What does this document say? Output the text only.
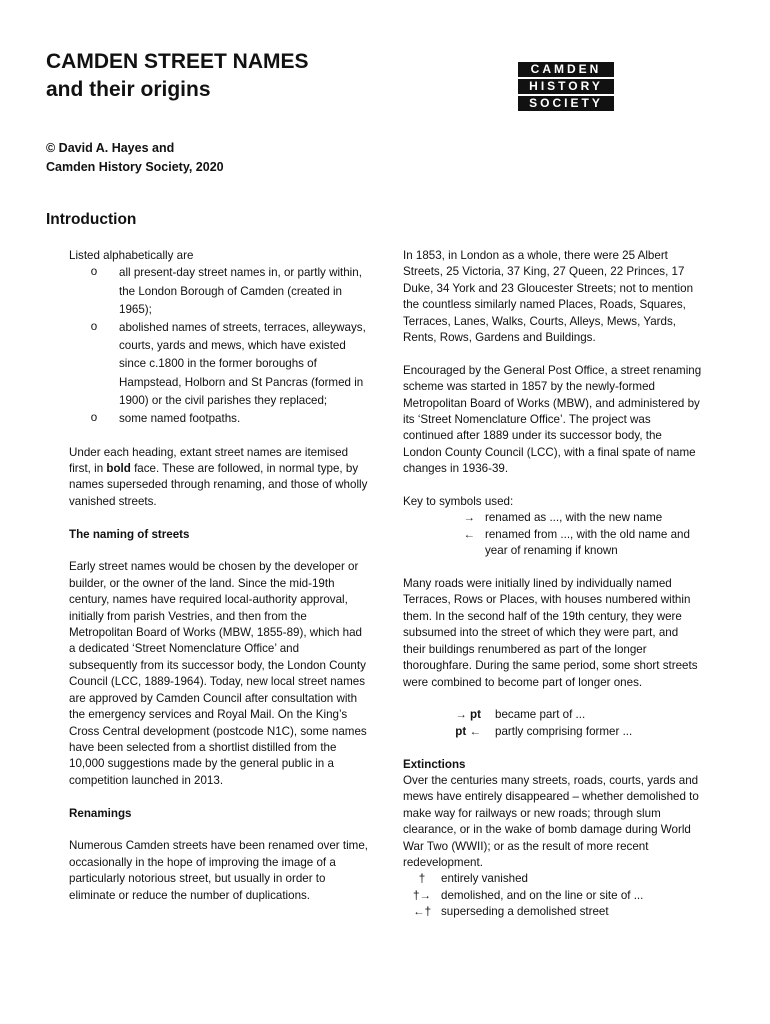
CAMDEN STREET NAMES
and their origins
CAMDEN
HISTORY
SOCIETY
© David A. Hayes and
Camden History Society, 2020
Introduction

Listed alphabetically are

o	all present-day street names in, or partly within, the London Borough of Camden (created in 1965);
o	abolished names of streets, terraces, alleyways, courts, yards and mews, which have existed since c.1800 in the former boroughs of Hampstead, Holborn and St Pancras (formed in 1900) or the civil parishes they replaced;
o	some named footpaths.

Under each heading, extant street names are itemised first, in bold face. These are followed, in normal type, by names superseded through renaming, and those of wholly vanished streets.

The naming of streets

Early street names would be chosen by the developer or builder, or the owner of the land. Since the mid-19th century, names have required local-authority approval, initially from parish Vestries, and then from the Metropolitan Board of Works (MBW, 1855-89), which had a dedicated ‘Street Nomenclature Office’ and subsequently from its successor body, the London County Council (LCC, 1889-1964). Today, new local street names are approved by Camden Council after consultation with the emergency services and Royal Mail. On the King’s Cross Central development (postcode N1C), some names have been selected from a shortlist distilled from the 10,000 suggestions made by the general public in a competition launched in 2013.

Renamings

Numerous Camden streets have been renamed over time, occasionally in the hope of improving the image of a particularly notorious street, but usually in order to eliminate or reduce the number of duplications.

In 1853, in London as a whole, there were 25 Albert Streets, 25 Victoria, 37 King, 27 Queen, 22 Princes, 17 Duke, 34 York and 23 Gloucester Streets; not to mention the countless similarly named Places, Roads, Squares, Terraces, Lanes, Walks, Courts, Alleys, Mews, Yards, Rents, Rows, Gardens and Buildings.

Encouraged by the General Post Office, a street renaming scheme was started in 1857 by the newly-formed Metropolitan Board of Works (MBW), and administered by its ‘Street Nomenclature Office’. The project was continued after 1889 under its successor body, the London County Council (LCC), with a final spate of name changes in 1936-39.

Key to symbols used:

→ renamed as ..., with the new name
← renamed from ..., with the old name and year of renaming if known

Many roads were initially lined by individually named Terraces, Rows or Places, with houses numbered within them. In the second half of the 19th century, they were subsumed into the street of which they were part, and their buildings renumbered as part of the longer thoroughfare. During the same period, some short streets were combined to become part of longer ones.

→ pt	became part of ...
pt ←	partly comprising former ...

Extinctions

Over the centuries many streets, roads, courts, yards and mews have entirely disappeared – whether demolished to make way for railways or new roads; through slum clearance, or in the wake of bomb damage during World War Two (WWII); or as the result of more recent redevelopment.

†	entirely vanished
†→ demolished, and on the line or site of ...
←† superseding a demolished street
